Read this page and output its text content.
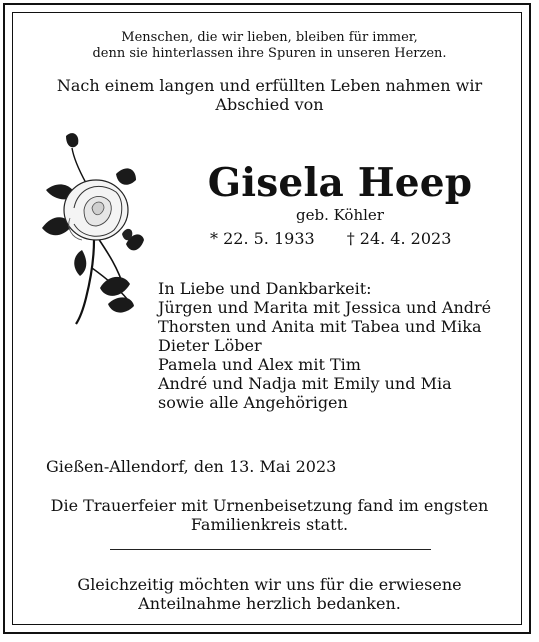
Menschen, die wir lieben, bleiben für immer,
denn sie hinterlassen ihre Spuren in unseren Herzen.
Nach einem langen und erfüllten Leben nahmen wir
Abschied von
Gisela Heep
geb. Köhler
* 22. 5. 1933 † 24. 4. 2023
In Liebe und Dankbarkeit:
Jürgen und Marita mit Jessica und André
Thorsten und Anita mit Tabea und Mika
Dieter Löber
Pamela und Alex mit Tim
André und Nadja mit Emily und Mia
sowie alle Angehörigen
Gießen-Allendorf, den 13. Mai 2023
Die Trauerfeier mit Urnenbeisetzung fand im engsten
Familienkreis statt.
Gleichzeitig möchten wir uns für die erwiesene
Anteilnahme herzlich bedanken.
